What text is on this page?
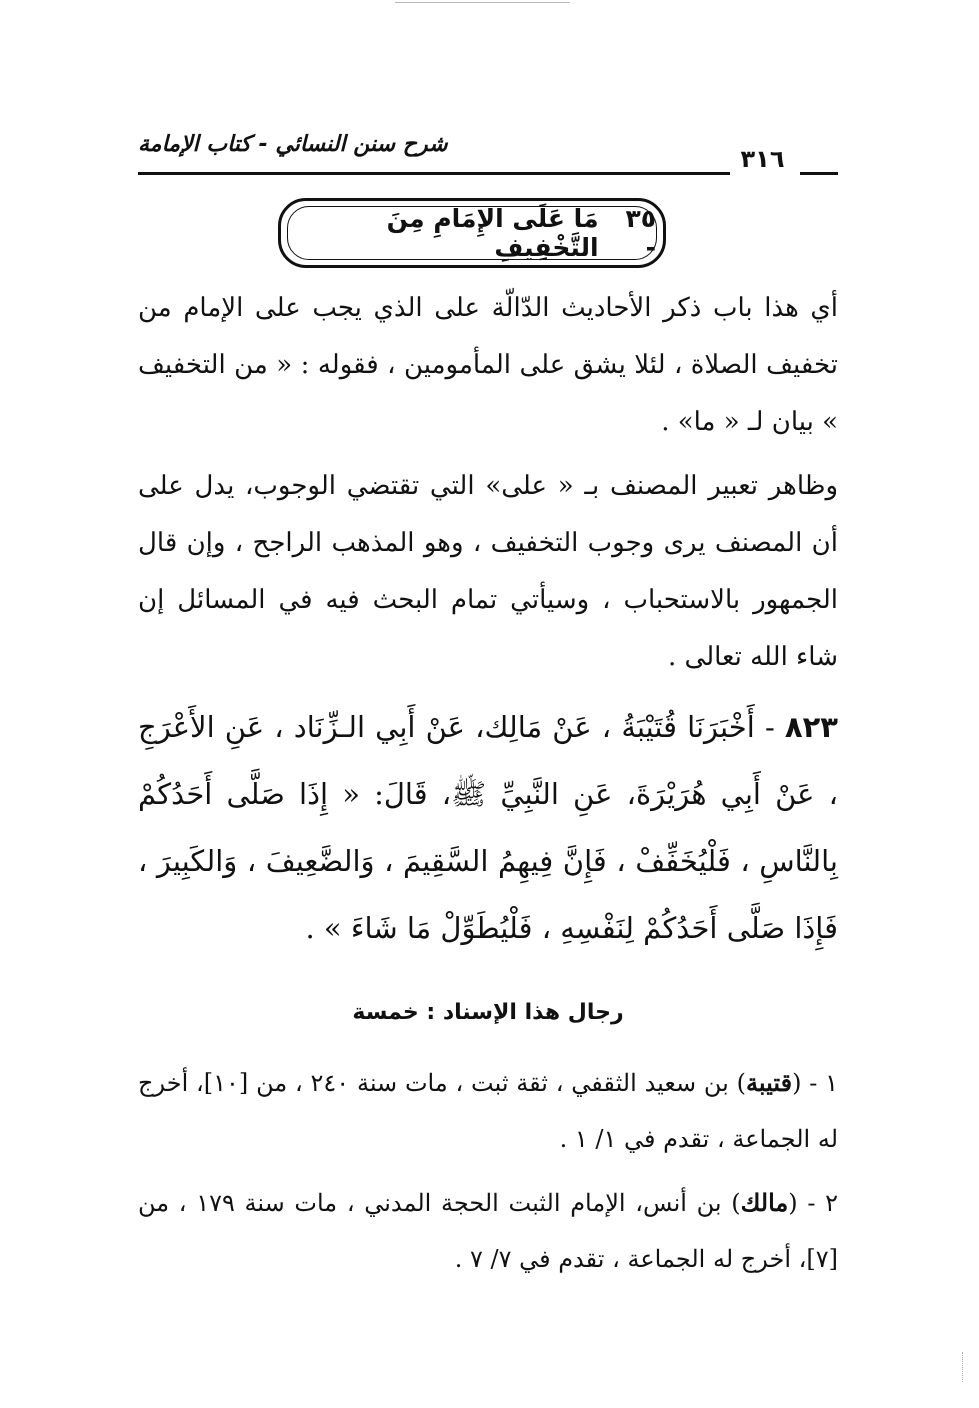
شرح سنن النسائي - كتاب الإمامة
٣١٦
٣٥ -
مَا عَلَى الإِمَامِ مِنَ التَّخْفِيفِ

أي هذا باب ذكر الأحاديث الدّالّة على الذي يجب على الإمام من تخفيف الصلاة ، لئلا يشق على المأمومين ، فقوله : « من التخفيف » بيان لـ « ما» .

وظاهر تعبير المصنف بـ « على» التي تقتضي الوجوب، يدل على أن المصنف يرى وجوب التخفيف ، وهو المذهب الراجح ، وإن قال الجمهور بالاستحباب ، وسيأتي تمام البحث فيه في المسائل إن شاء الله تعالى .

٨٢٣ - أَخْبَرَنَا قُتَيْبَةُ ، عَنْ مَالِك، عَنْ أَبِي الـزِّنَاد ، عَنِ الأَعْرَجِ ، عَنْ أَبِي هُرَيْرَةَ، عَنِ النَّبِيِّ ﷺ، قَالَ: « إِذَا صَلَّى أَحَدُكُمْ بِالنَّاسِ ، فَلْيُخَفِّفْ ، فَإِنَّ فِيهِمُ السَّقِيمَ ، وَالضَّعِيفَ ، وَالكَبِيرَ ، فَإِذَا صَلَّى أَحَدُكُمْ لِنَفْسِهِ ، فَلْيُطَوِّلْ مَا شَاءَ » .

رجال هذا الإسناد : خمسة

١ - (قتيبة) بن سعيد الثقفي ، ثقة ثبت ، مات سنة ٢٤٠ ، من [١٠]، أخرج له الجماعة ، تقدم في ١/ ١ .

٢ - (مالك) بن أنس، الإمام الثبت الحجة المدني ، مات سنة ١٧٩ ، من [٧]، أخرج له الجماعة ، تقدم في ٧/ ٧ .
